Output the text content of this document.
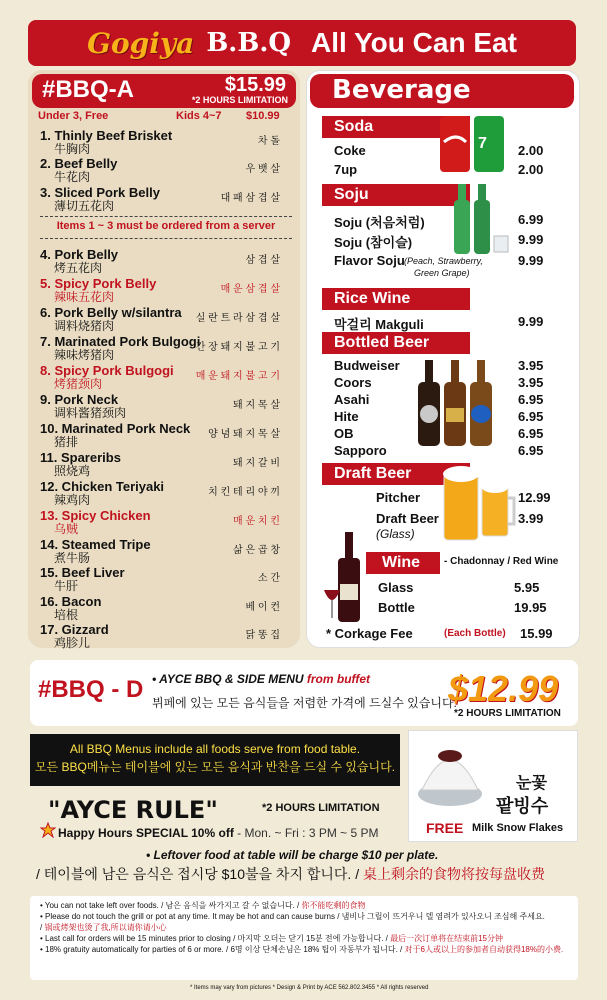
Gogiya B.B.Q All You Can Eat
#BBQ-A	$15.99
*2 HOURS LIMITATION
Under 3, Free	Kids 4~7 $10.99
1. Thinly Beef Brisket
牛胸肉
차 돌
2. Beef Belly
牛花肉
우 뱃 살
3. Sliced Pork Belly
薄切五花肉
대 패 삼 겹 살
4. Pork Belly
烤五花肉
삼 겹 살
5. Spicy Pork Belly
辣味五花肉
매 운 삼 겹 살
6. Pork Belly w/silantra
调料烧猪肉
실 란 트 라 삼 겹 살
7. Marinated Pork Bulgogi
辣味烤猪肉
간 장 돼 지 불 고 기
8. Spicy Pork Bulgogi
烤猪颈肉
매 운 돼 지 불 고 기
9. Pork Neck
调料酱猪颈肉
돼 지 목 살
10. Marinated Pork Neck
猪排
양 념 돼 지 목 살
11. Spareribs
照烧鸡
돼 지 갈 비
12. Chicken Teriyaki
辣鸡肉
치 킨 테 리 야 끼
13. Spicy Chicken
乌贼
매 운 치 킨
14. Steamed Tripe
煮牛肠
삶 은 곱 창
15. Beef Liver
牛肝
소 간
16. Bacon
培根
베 이 컨
17. Gizzard
鸡胗儿
닭 똥 집
Items 1 ~ 3 must be ordered from a server
Beverage
Soda
Coke	2.00
7up	2.00
Soju
Soju (처음처럼)	6.99
Soju (참이슬)	9.99
Flavor Soju (Peach, Strawberry,
Green Grape)
9.99
Rice Wine
막걸리 Makguli	9.99
Bottled Beer
Budweiser	3.95
Coors	3.95
Asahi	6.95
Hite	6.95
OB	6.95
Sapporo	6.95
Draft Beer
Pitcher	12.99
Draft Beer	3.99
(Glass)
Wine	- Chadonnay / Red Wine
Glass	5.95
Bottle	19.95
* Corkage Fee	(Each Bottle) 15.99
7
#BBQ - D • AYCE BBQ & SIDE MENU from buffet
뷔페에 있는 모든 음식들을 저렴한 가격에 드실수 있습니다.
$12.99
*2 HOURS LIMITATION
All BBQ Menus include all foods serve from food table.
모든 BBQ메뉴는 테이블에 있는 모든 음식과 반찬을 드실 수 있습니다.
눈꽃
팥빙수
FREE Milk Snow Flakes
"AYCE RULE"	*2 HOURS LIMITATION
Happy Hours SPECIAL 10% off - Mon. ~ Fri : 3 PM ~ 5 PM
• Leftover food at table will be charge $10 per plate.
/ 테이블에 남은 음식은 접시당 $10불을 차지 합니다. / 桌上剩余的食物将按每盘收费
• You can not take left over foods. / 남은 음식을 싸가지고 갈 수 없습니다. / 你不能吃剩的食物
• Please do not touch the grill or pot at any time. It may be hot and can cause burns / 냄비나 그릴이 뜨거우니 델 염려가 있사오니 조심해 주세요.
/ 锅或烤架也烫了我,所以请你请小心
• Last call for orders will be 15 minutes prior to closing / 마지막 오더는 닫기 15분 전에 가능합니다. / 最后一次订单将在结束前15分钟
• 18% gratuity automatically for parties of 6 or more. / 6명 이상 단체손님은 18% 팁이 자동부가 됩니다. / 对于6人或以上的参加者自动获得18%的小费.
* Items may vary from pictures * Design & Print by ACE 562.802.3455 * All rights reserved
